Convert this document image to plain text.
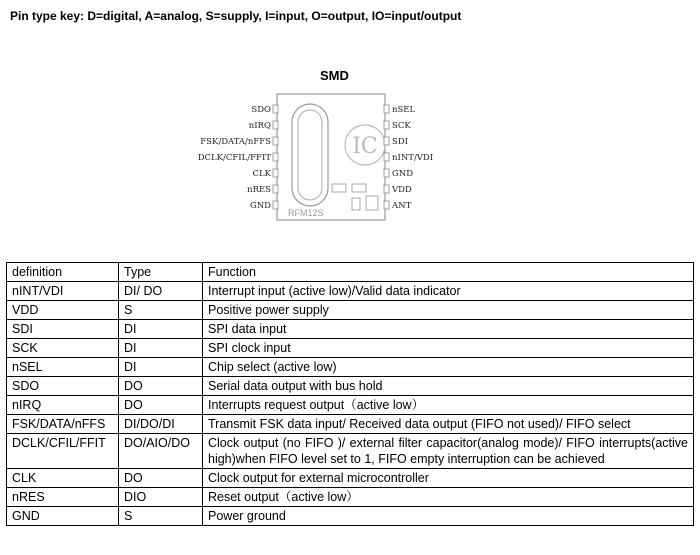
Pin type key: D=digital, A=analog, S=supply, I=input, O=output, IO=input/output
SMD
IC
RFM12S
SDO
nIRQ
FSK/DATA/nFFS
DCLK/CFIL/FFIT
CLK
nRES
GND
nSEL
SCK
SDI
nINT/VDI
GND
VDD
ANT
definition	Type	Function
nINT/VDI	DI/ DO	Interrupt input (active low)/Valid data indicator
VDD	S	Positive power supply
SDI	DI	SPI data input
SCK	DI	SPI clock input
nSEL	DI	Chip select (active low)
SDO	DO	Serial data output with bus hold
nIRQ	DO	Interrupts request output（active low）
FSK/DATA/nFFS	DI/DO/DI	Transmit FSK data input/ Received data output (FIFO not used)/ FIFO select
DCLK/CFIL/FFIT	DO/AIO/DO	Clock output (no FIFO )/ external filter capacitor(analog mode)/ FIFO interrupts(active high)when FIFO level set to 1, FIFO empty interruption can be achieved
CLK	DO	Clock output for external microcontroller
nRES	DIO	Reset output（active low）
GND	S	Power ground
